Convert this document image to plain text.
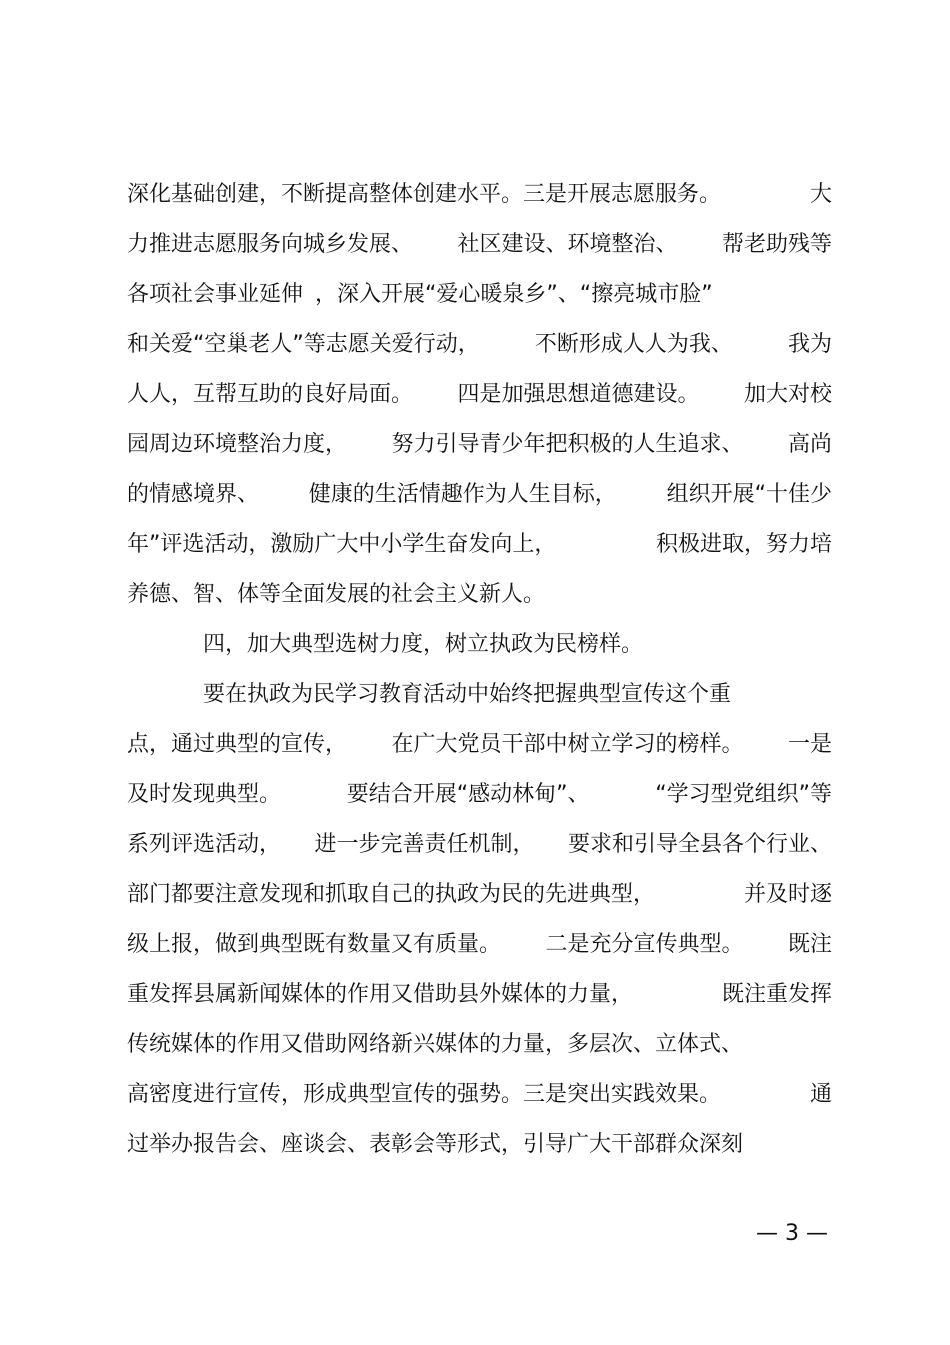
深化基础创建，不断提高整体创建水平。三是开展志愿服务。	大
力推进志愿服务向城乡发展、 社区建设、环境整治、 帮老助残等
各项社会事业延伸 ，深入开展“爱心暖泉乡”、“擦亮城市脸”
和关爱“空巢老人”等志愿关爱行动，	不断形成人人为我、	我为
人人，互帮互助的良好局面。 四是加强思想道德建设。 加大对校
园周边环境整治力度， 努力引导青少年把积极的人生追求、 高尚
的情感境界、 健康的生活情趣作为人生目标， 组织开展“十佳少
年”评选活动，激励广大中小学生奋发向上，	积极进取，努力培
养德、智、体等全面发展的社会主义新人。
四，加大典型选树力度，树立执政为民榜样。
要在执政为民学习教育活动中始终把握典型宣传这个重
点，通过典型的宣传， 在广大党员干部中树立学习的榜样。 一是
及时发现典型。	要结合开展“感动林甸”、	“学习型党组织”等
系列评选活动， 进一步完善责任机制， 要求和引导全县各个行业、
部门都要注意发现和抓取自己的执政为民的先进典型，	并及时逐
级上报，做到典型既有数量又有质量。 二是充分宣传典型。 既注
重发挥县属新闻媒体的作用又借助县外媒体的力量，	既注重发挥
传统媒体的作用又借助网络新兴媒体的力量，多层次、立体式、
高密度进行宣传，形成典型宣传的强势。三是突出实践效果。	通
过举办报告会、座谈会、表彰会等形式，引导广大干部群众深刻
— 3 —
